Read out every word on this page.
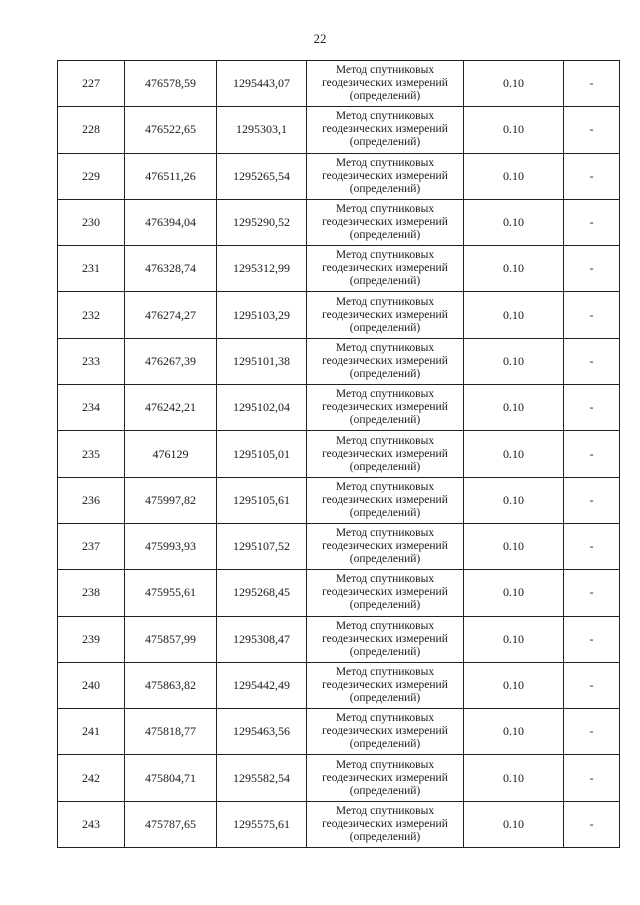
22
227	476578,59	1295443,07	Метод спутниковых
геодезических измерений
(определений)	0.10	-
228	476522,65	1295303,1	Метод спутниковых
геодезических измерений
(определений)	0.10	-
229	476511,26	1295265,54	Метод спутниковых
геодезических измерений
(определений)	0.10	-
230	476394,04	1295290,52	Метод спутниковых
геодезических измерений
(определений)	0.10	-
231	476328,74	1295312,99	Метод спутниковых
геодезических измерений
(определений)	0.10	-
232	476274,27	1295103,29	Метод спутниковых
геодезических измерений
(определений)	0.10	-
233	476267,39	1295101,38	Метод спутниковых
геодезических измерений
(определений)	0.10	-
234	476242,21	1295102,04	Метод спутниковых
геодезических измерений
(определений)	0.10	-
235	476129	1295105,01	Метод спутниковых
геодезических измерений
(определений)	0.10	-
236	475997,82	1295105,61	Метод спутниковых
геодезических измерений
(определений)	0.10	-
237	475993,93	1295107,52	Метод спутниковых
геодезических измерений
(определений)	0.10	-
238	475955,61	1295268,45	Метод спутниковых
геодезических измерений
(определений)	0.10	-
239	475857,99	1295308,47	Метод спутниковых
геодезических измерений
(определений)	0.10	-
240	475863,82	1295442,49	Метод спутниковых
геодезических измерений
(определений)	0.10	-
241	475818,77	1295463,56	Метод спутниковых
геодезических измерений
(определений)	0.10	-
242	475804,71	1295582,54	Метод спутниковых
геодезических измерений
(определений)	0.10	-
243	475787,65	1295575,61	Метод спутниковых
геодезических измерений
(определений)	0.10	-
